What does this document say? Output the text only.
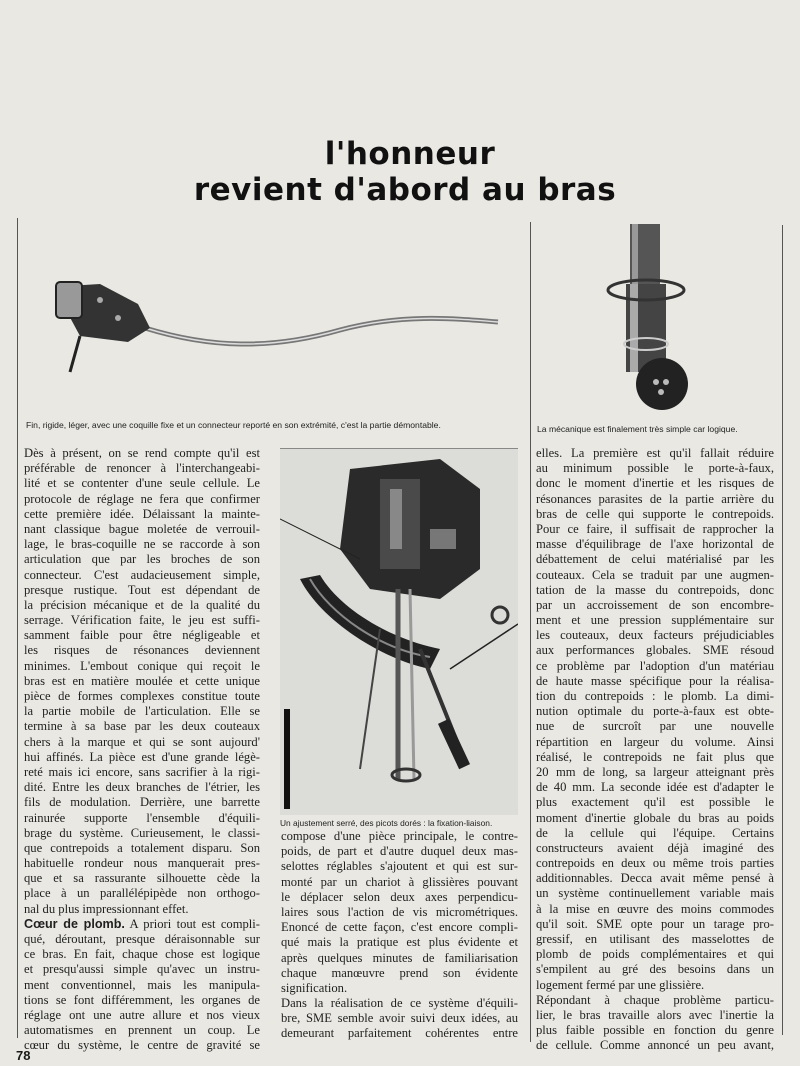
l'honneur
revient d'abord au bras
Fin, rigide, léger, avec une coquille fixe et un connecteur reporté en son extrémité, c'est la partie démontable.	La mécanique est finalement très simple car logique.
Dès à présent, on se rend compte qu'il est
préférable de renoncer à l'interchangeabi-
lité et se contenter d'une seule cellule. Le
protocole de réglage ne fera que confirmer
cette première idée. Délaissant la mainte-
nant classique bague moletée de verrouil-
lage, le bras-coquille ne se raccorde à son
articulation que par les broches de son
connecteur. C'est audacieusement simple,
presque rustique. Tout est dépendant de
la précision mécanique et de la qualité du
serrage. Vérification faite, le jeu est suffi-
samment faible pour être négligeable et
les risques de résonances deviennent
minimes. L'embout conique qui reçoit le
bras est en matière moulée et cette unique
pièce de formes complexes constitue toute
la partie mobile de l'articulation. Elle se
termine à sa base par les deux couteaux
chers à la marque et qui se sont aujourd'
hui affinés. La pièce est d'une grande légè-
reté mais ici encore, sans sacrifier à la rigi-
dité. Entre les deux branches de l'étrier, les
fils de modulation. Derrière, une barrette
rainurée supporte l'ensemble d'équili-
brage du système. Curieusement, le classi-
que contrepoids a totalement disparu. Son
habituelle rondeur nous manquerait pres-
que et sa rassurante silhouette cède la
place à un parallélépipède non orthogo-
nal du plus impressionnant effet.
Cœur de plomb. A priori tout est compli-
qué, déroutant, presque déraisonnable sur
ce bras. En fait, chaque chose est logique
et presqu'aussi simple qu'avec un instru-
ment conventionnel, mais les manipula-
tions se font différemment, les organes de
réglage ont une autre allure et nos vieux
automatismes en prennent un coup. Le
cœur du système, le centre de gravité se
Un ajustement serré, des picots dorés : la fixation-liaison.
compose d'une pièce principale, le contre-
poids, de part et d'autre duquel deux mas-
selottes réglables s'ajoutent et qui est sur-
monté par un chariot à glissières pouvant
le déplacer selon deux axes perpendicu-
laires sous l'action de vis micrométriques.
Enoncé de cette façon, c'est encore compli-
qué mais la pratique est plus évidente et
après quelques minutes de familiarisation
chaque manœuvre prend son évidente
signification.
Dans la réalisation de ce système d'équili-
bre, SME semble avoir suivi deux idées, au
demeurant parfaitement cohérentes entre
elles. La première est qu'il fallait réduire
au minimum possible le porte-à-faux,
donc le moment d'inertie et les risques de
résonances parasites de la partie arrière du
bras de celle qui supporte le contrepoids.
Pour ce faire, il suffisait de rapprocher la
masse d'équilibrage de l'axe horizontal de
débattement de celui matérialisé par les
couteaux. Cela se traduit par une augmen-
tation de la masse du contrepoids, donc
par un accroissement de son encombre-
ment et une pression supplémentaire sur
les couteaux, deux facteurs préjudiciables
aux performances globales. SME résoud
ce problème par l'adoption d'un matériau
de haute masse spécifique pour la réalisa-
tion du contrepoids : le plomb. La dimi-
nution optimale du porte-à-faux est obte-
nue de surcroît par une nouvelle
répartition en largeur du volume. Ainsi
réalisé, le contrepoids ne fait plus que
20 mm de long, sa largeur atteignant près
de 40 mm. La seconde idée est d'adapter le
plus exactement qu'il est possible le
moment d'inertie globale du bras au poids
de la cellule qui l'équipe. Certains
constructeurs avaient déjà imaginé des
contrepoids en deux ou même trois parties
additionnables. Decca avait même pensé à
un système continuellement variable mais
à la mise en œuvre des moins commodes
qu'il soit. SME opte pour un tarage pro-
gressif, en utilisant des masselottes de
plomb de poids complémentaires et qui
s'empilent au gré des besoins dans un
logement fermé par une glissière.
Répondant à chaque problème particu-
lier, le bras travaille alors avec l'inertie la
plus faible possible en fonction du genre
de cellule. Comme annoncé un peu avant,
78
